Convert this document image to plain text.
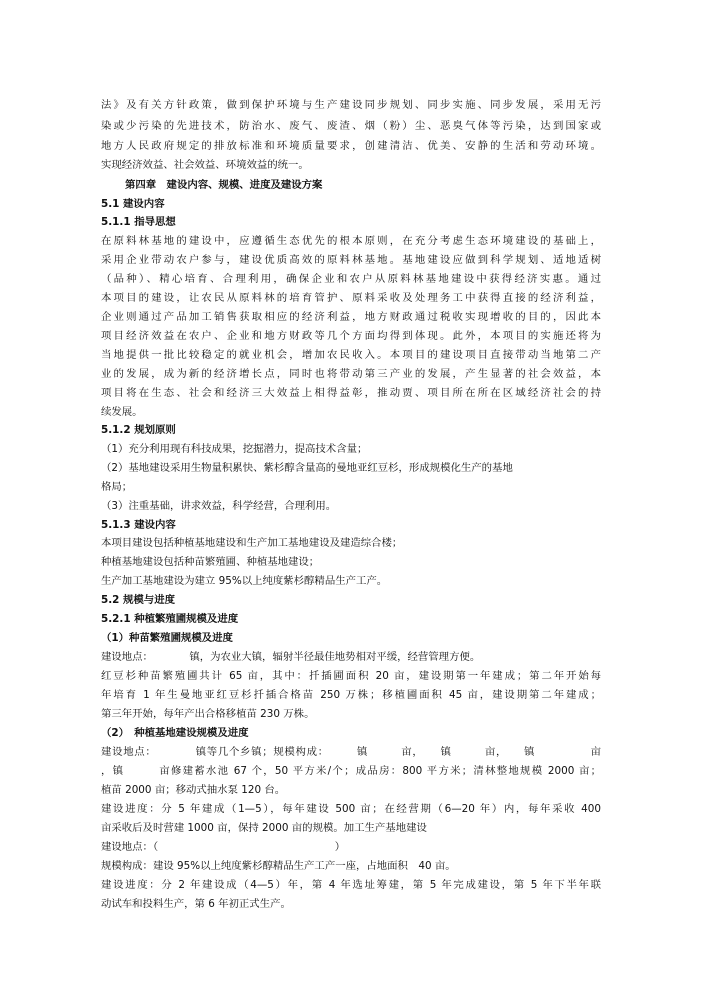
法》及有关方针政策，做到保护环境与生产建设同步规划、同步实施、同步发展，采用无污
染或少污染的先进技术，防治水、废气、废渣、烟（粉）尘、恶臭气体等污染，达到国家或
地方人民政府规定的排放标准和环境质量要求，创建清洁、优美、安静的生活和劳动环境。
实现经济效益、社会效益、环境效益的统一。
第四章　建设内容、规模、进度及建设方案
5.1 建设内容
5.1.1 指导思想
在原料林基地的建设中，应遵循生态优先的根本原则，在充分考虑生态环境建设的基础上，
采用企业带动农户参与，建设优质高效的原料林基地。基地建设应做到科学规划、适地适树
（品种）、精心培育、合理利用，确保企业和农户从原料林基地建设中获得经济实惠。通过
本项目的建设，让农民从原料林的培育管护、原料采收及处理务工中获得直接的经济利益，
企业则通过产品加工销售获取相应的经济利益，地方财政通过税收实现增收的目的，因此本
项目经济效益在农户、企业和地方财政等几个方面均得到体现。此外，本项目的实施还将为
当地提供一批比较稳定的就业机会，增加农民收入。本项目的建设项目直接带动当地第二产
业的发展，成为新的经济增长点，同时也将带动第三产业的发展，产生显著的社会效益，本
项目将在生态、社会和经济三大效益上相得益彰，推动贾、项目所在所在区域经济社会的持
续发展。
5.1.2 规划原则
（1）充分利用现有科技成果，挖掘潜力，提高技术含量；
（2）基地建设采用生物量积累快、紫杉醇含量高的曼地亚红豆杉，形成规模化生产的基地
格局；
（3）注重基础，讲求效益，科学经营，合理利用。
5.1.3 建设内容
本项目建设包括种植基地建设和生产加工基地建设及建造综合楼；
种植基地建设包括种苗繁殖圃、种植基地建设；
生产加工基地建设为建立 95%以上纯度紫杉醇精品生产工产。
5.2 规模与进度
5.2.1 种植繁殖圃规模及进度
（1）种苗繁殖圃规模及进度
建设地点：　　　　镇，为农业大镇，辐射半径最佳地势相对平缓，经营管理方便。
红豆杉种苗繁殖圃共计 65 亩，其中：扦插圃面积 20 亩，建设期第一年建成；第二年开始每
年培育 1 年生曼地亚红豆杉扦插合格苗 250 万株；移植圃面积 45 亩，建设期第二年建成；
第三年开始，每年产出合格移植苗 230 万株。
（2）　种植基地建设规模及进度
建设地点：　　　　镇等几个乡镇；规模构成：　　　镇　　　亩，　　镇　　　亩，　　镇　　　　　亩
，镇　　　亩修建蓄水池 67 个，50 平方米/个；成品房：800 平方米；清林整地规模 2000 亩；
植苗 2000 亩；移动式抽水泵 120 台。
建设进度：分 5 年建成（1—5），每年建设 500 亩；在经营期（6—20 年）内，每年采收 400
亩采收后及时营建 1000 亩，保持 2000 亩的规模。加工生产基地建设
建设地点：（　　　　　　　　　　　　　　　　　）
规模构成：建设 95%以上纯度紫杉醇精品生产工产一座，占地面积　40 亩。
建设进度：分 2 年建设成（4—5）年，第 4 年选址筹建，第 5 年完成建设，第 5 年下半年联
动试车和投料生产，第 6 年初正式生产。
